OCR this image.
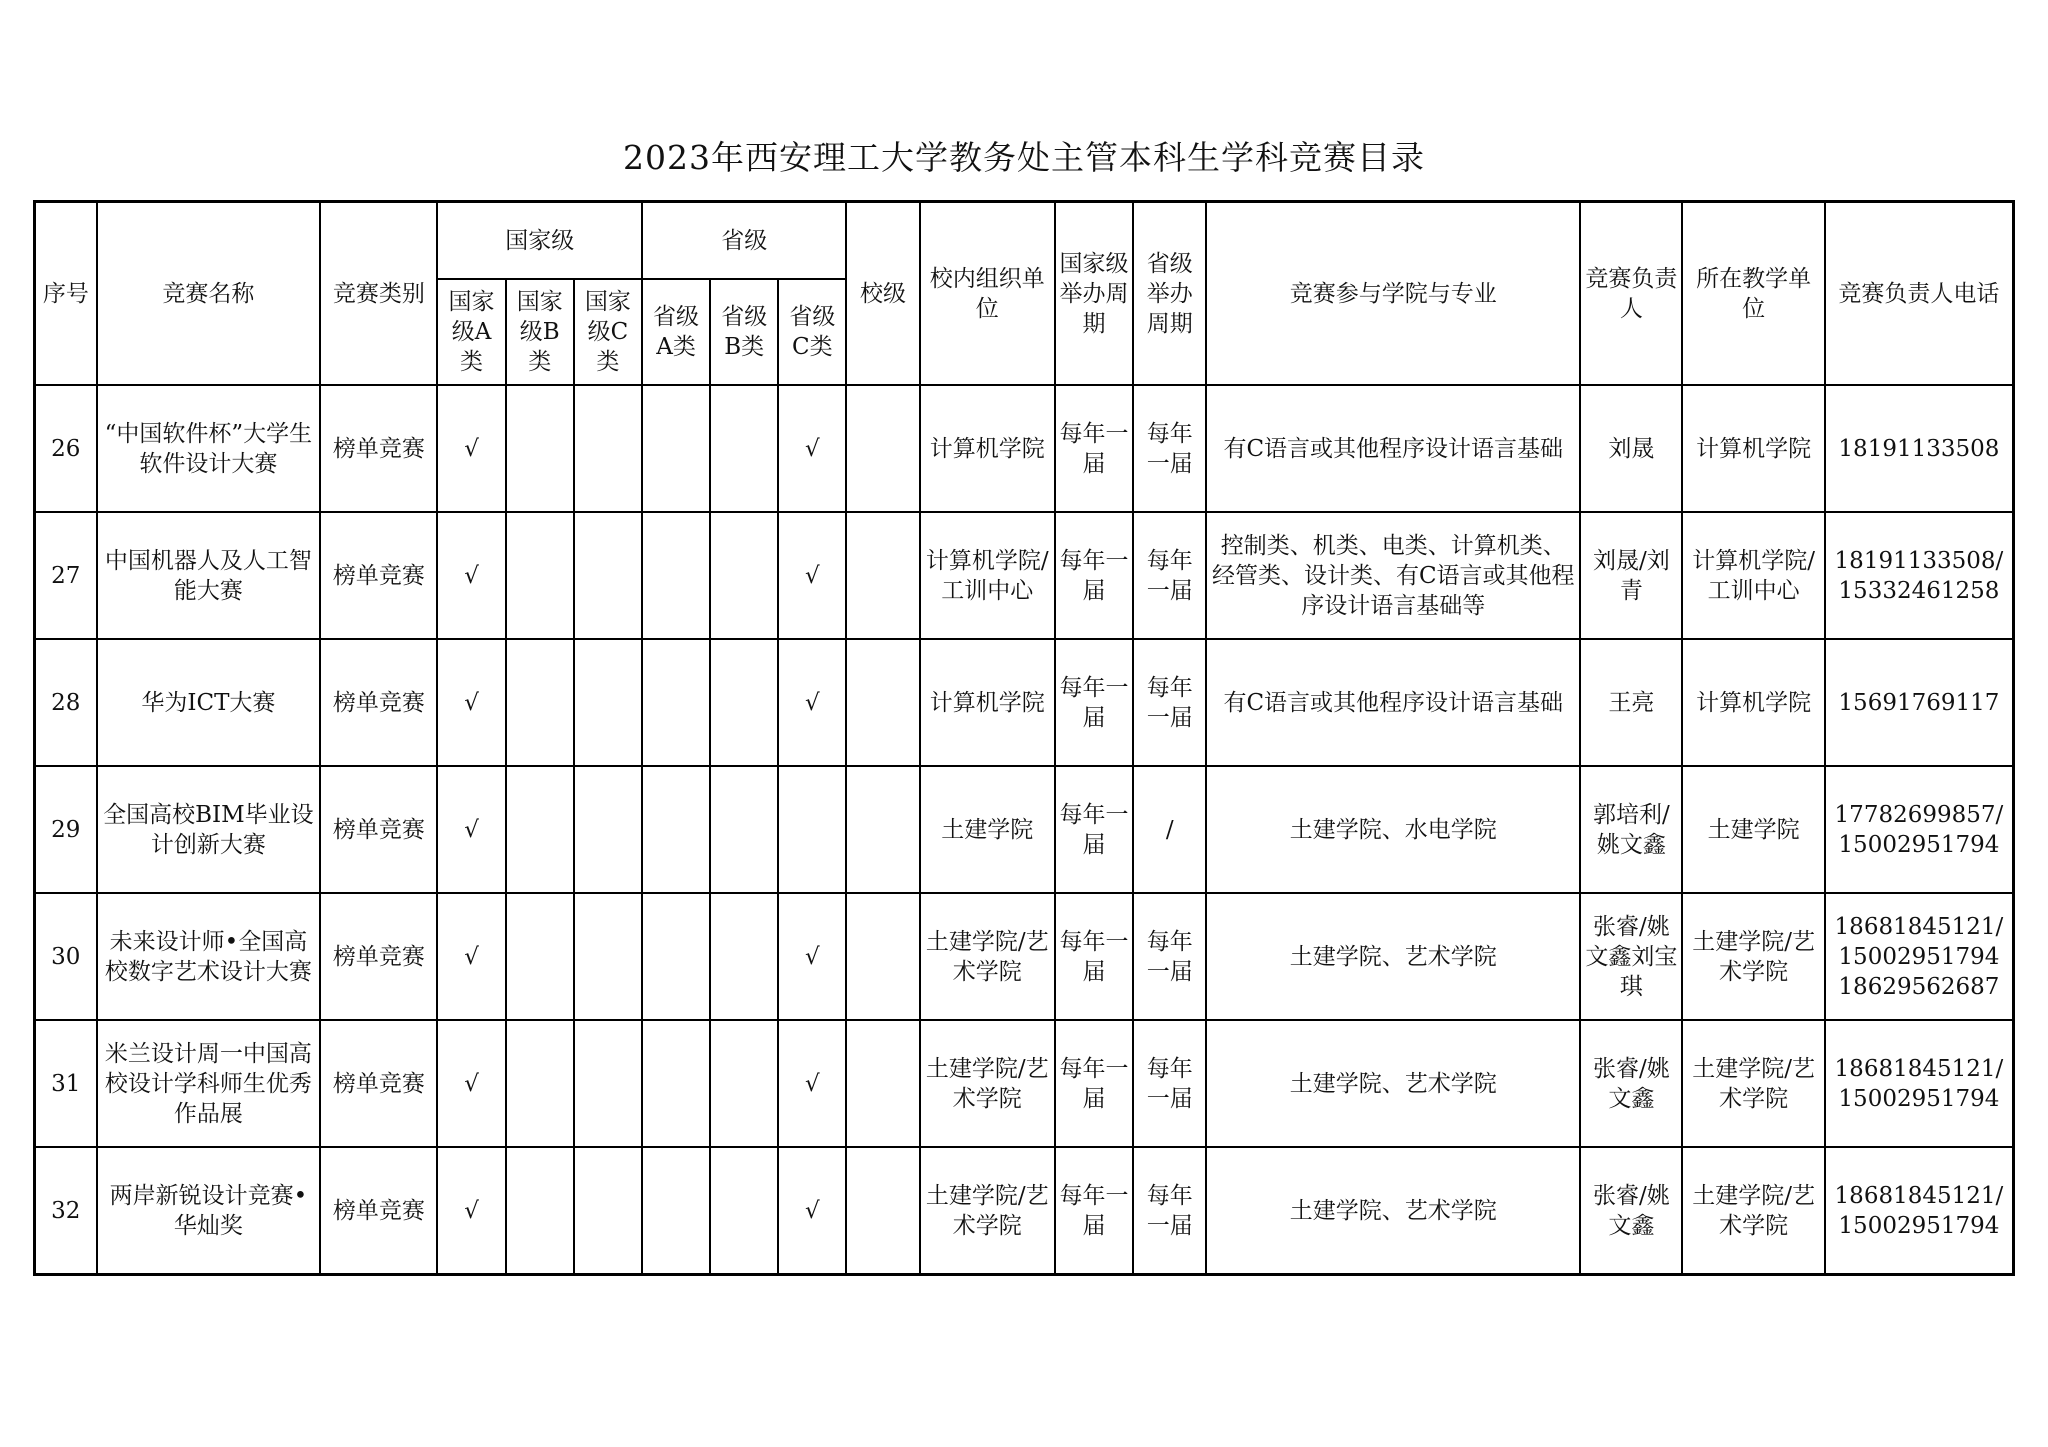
2023年西安理工大学教务处主管本科生学科竞赛目录
序号	竞赛名称	竞赛类别	国家级			省级			校级	校内组织单位	国家级举办周期	省级举办周期	竞赛参与学院与专业	竞赛负责人	所在教学单位	竞赛负责人电话
			国家级A类	国家级B类	国家级C类	省级A类	省级B类	省级C类								
26	“中国软件杯”大学生软件设计大赛	榜单竞赛	√					√		计算机学院	每年一届	每年一届	有C语言或其他程序设计语言基础	刘晟	计算机学院	18191133508
27	中国机器人及人工智能大赛	榜单竞赛	√					√		计算机学院/工训中心	每年一届	每年一届	控制类、机类、电类、计算机类、经管类、设计类、有C语言或其他程序设计语言基础等	刘晟/刘青	计算机学院/工训中心	18191133508/15332461258
28	华为ICT大赛	榜单竞赛	√					√		计算机学院	每年一届	每年一届	有C语言或其他程序设计语言基础	王亮	计算机学院	15691769117
29	全国高校BIM毕业设计创新大赛	榜单竞赛	√							土建学院	每年一届	/	土建学院、水电学院	郭培利/姚文鑫	土建学院	17782699857/15002951794
30	未来设计师•全国高校数字艺术设计大赛	榜单竞赛	√					√		土建学院/艺术学院	每年一届	每年一届	土建学院、艺术学院	张睿/姚文鑫刘宝琪	土建学院/艺术学院	18681845121/15002951794 18629562687
31	米兰设计周一中国高校设计学科师生优秀作品展	榜单竞赛	√					√		土建学院/艺术学院	每年一届	每年一届	土建学院、艺术学院	张睿/姚文鑫	土建学院/艺术学院	18681845121/15002951794
32	两岸新锐设计竞赛•华灿奖	榜单竞赛	√					√		土建学院/艺术学院	每年一届	每年一届	土建学院、艺术学院	张睿/姚文鑫	土建学院/艺术学院	18681845121/15002951794
